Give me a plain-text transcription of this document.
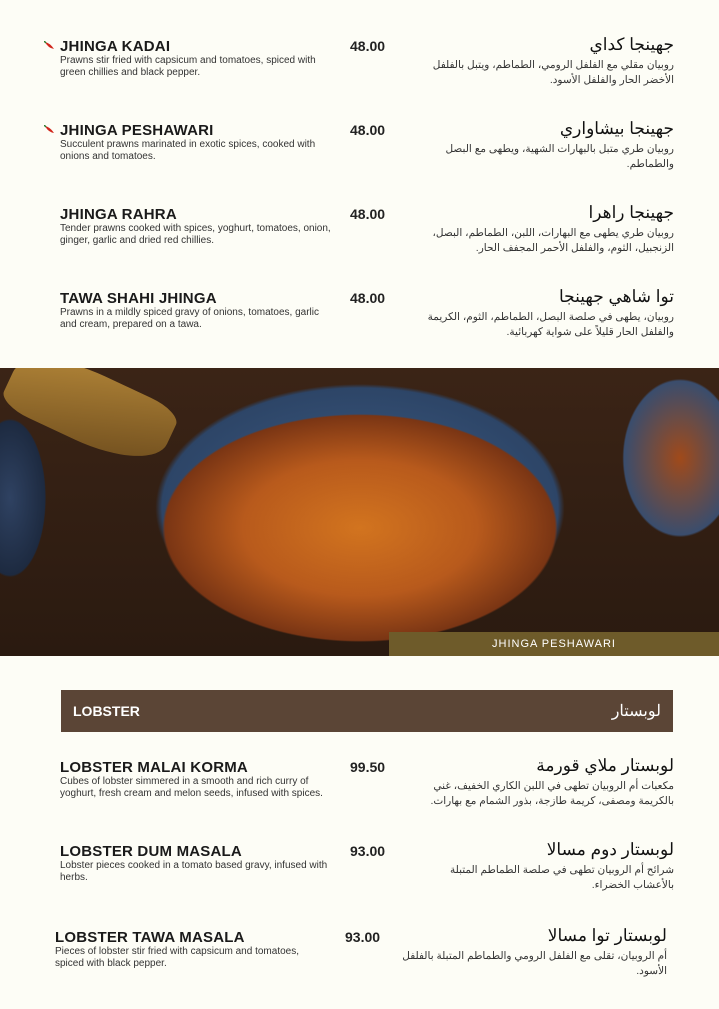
JHINGA KADAI
Prawns stir fried with capsicum and tomatoes, spiced with green chillies and black pepper.
48.00	جهينجا كداي
روبيان مقلي مع الفلفل الرومي، الطماطم، ويتبل بالفلفل الأخضر الحار والفلفل الأسود.
JHINGA PESHAWARI
Succulent prawns marinated in exotic spices, cooked with onions and tomatoes.
48.00	جهينجا بيشاواري
روبيان طري متبل بالبهارات الشهية، ويطهى مع البصل والطماطم.
JHINGA RAHRA
Tender prawns cooked with spices, yoghurt, tomatoes, onion, ginger, garlic and dried red chillies.
48.00	جهينجا راهرا
روبيان طري يطهى مع البهارات، اللبن، الطماطم، البصل، الزنجبيل، الثوم، والفلفل الأحمر المجفف الحار.
TAWA SHAHI JHINGA
Prawns in a mildly spiced gravy of onions, tomatoes, garlic and cream, prepared on a tawa.
48.00	توا شاهي جهينجا
روبيان، يطهى في صلصة البصل، الطماطم، الثوم، الكريمة والفلفل الحار قليلاً على شواية كهربائية.
JHINGA PESHAWARI
LOBSTER	لوبستار
LOBSTER MALAI KORMA
Cubes of lobster simmered in a smooth and rich curry of yoghurt, fresh cream and melon seeds, infused with spices.
99.50	لوبستار ملاي قورمة
مكعبات أم الروبيان تطهى في اللبن الكاري الخفيف، غني بالكريمة ومصفى، كريمة طازجة، بذور الشمام مع بهارات.
LOBSTER DUM MASALA
Lobster pieces cooked in a tomato based gravy, infused with herbs.
93.00	لوبستار دوم مسالا
شرائح أم الروبيان تطهى في صلصة الطماطم المتبلة بالأعشاب الخضراء.
LOBSTER TAWA MASALA
Pieces of lobster stir fried with capsicum and tomatoes, spiced with black pepper.
93.00	لوبستار توا مسالا
أم الروبيان، تقلى مع الفلفل الرومي والطماطم المتبلة بالفلفل الأسود.
